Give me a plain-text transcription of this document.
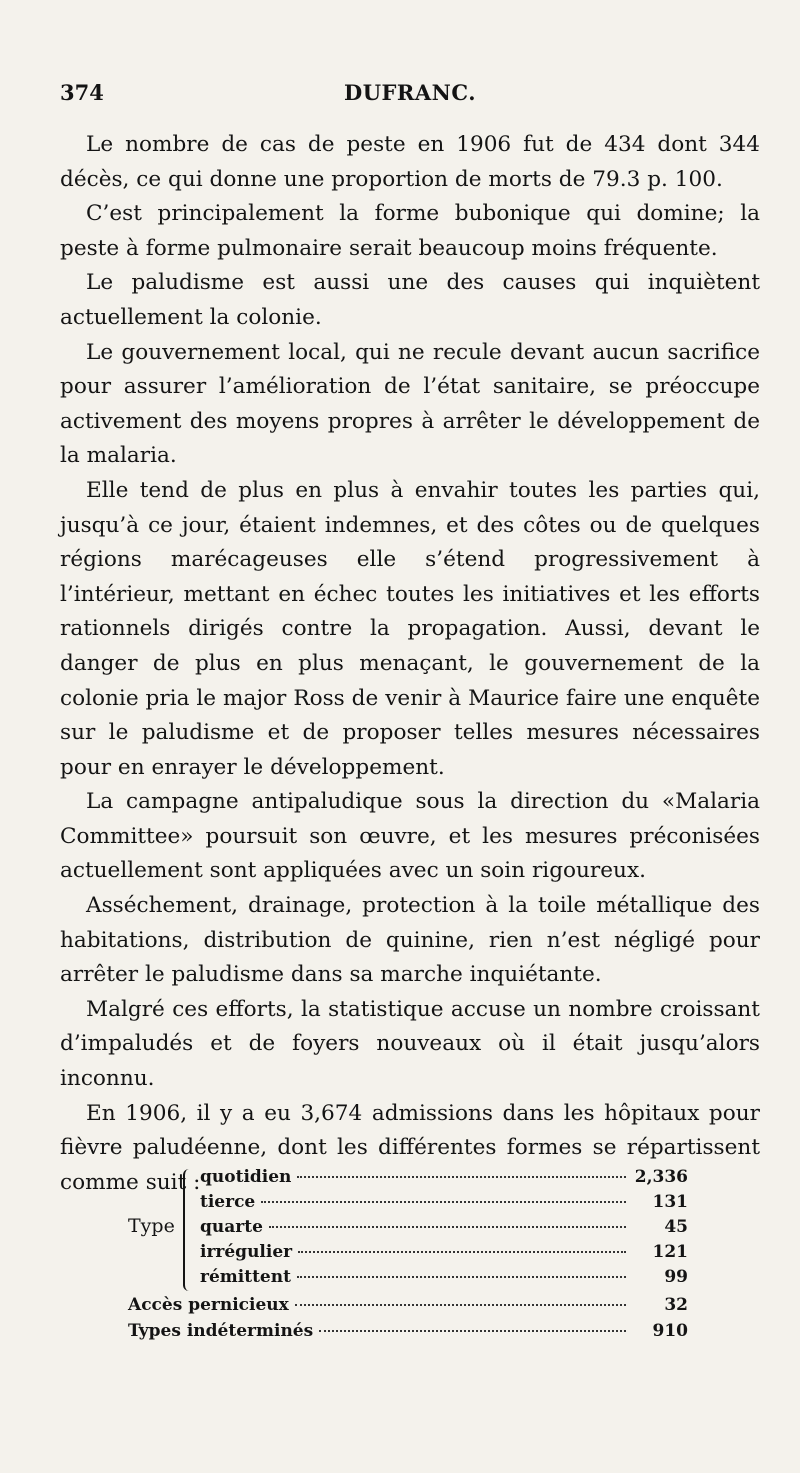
374	DUFRANC.

Le nombre de cas de peste en 1906 fut de 434 dont 344 décès, ce qui donne une proportion de morts de 79.3 p. 100.

C’est principalement la forme bubonique qui domine; la peste à forme pulmonaire serait beaucoup moins fréquente.

Le paludisme est aussi une des causes qui inquiètent actuellement la colonie.

Le gouvernement local, qui ne recule devant aucun sacrifice pour assurer l’amélioration de l’état sanitaire, se préoccupe activement des moyens propres à arrêter le développement de la malaria.

Elle tend de plus en plus à envahir toutes les parties qui, jusqu’à ce jour, étaient indemnes, et des côtes ou de quelques régions marécageuses elle s’étend progressivement à l’intérieur, mettant en échec toutes les initiatives et les efforts rationnels dirigés contre la propagation. Aussi, devant le danger de plus en plus menaçant, le gouvernement de la colonie pria le major Ross de venir à Maurice faire une enquête sur le paludisme et de proposer telles mesures nécessaires pour en enrayer le développement.

La campagne antipaludique sous la direction du «Malaria Committee» poursuit son œuvre, et les mesures préconisées actuellement sont appliquées avec un soin rigoureux.

Asséchement, drainage, protection à la toile métallique des habitations, distribution de quinine, rien n’est négligé pour arrêter le paludisme dans sa marche inquiétante.

Malgré ces efforts, la statistique accuse un nombre croissant d’impaludés et de foyers nouveaux où il était jusqu’alors inconnu.

En 1906, il y a eu 3,674 admissions dans les hôpitaux pour fièvre paludéenne, dont les différentes formes se répartissent comme suit :

Type
quotidien	2,336
tierce	131
quarte	45
irrégulier	121
rémittent	99
Accès pernicieux	32
Types indéterminés	910
